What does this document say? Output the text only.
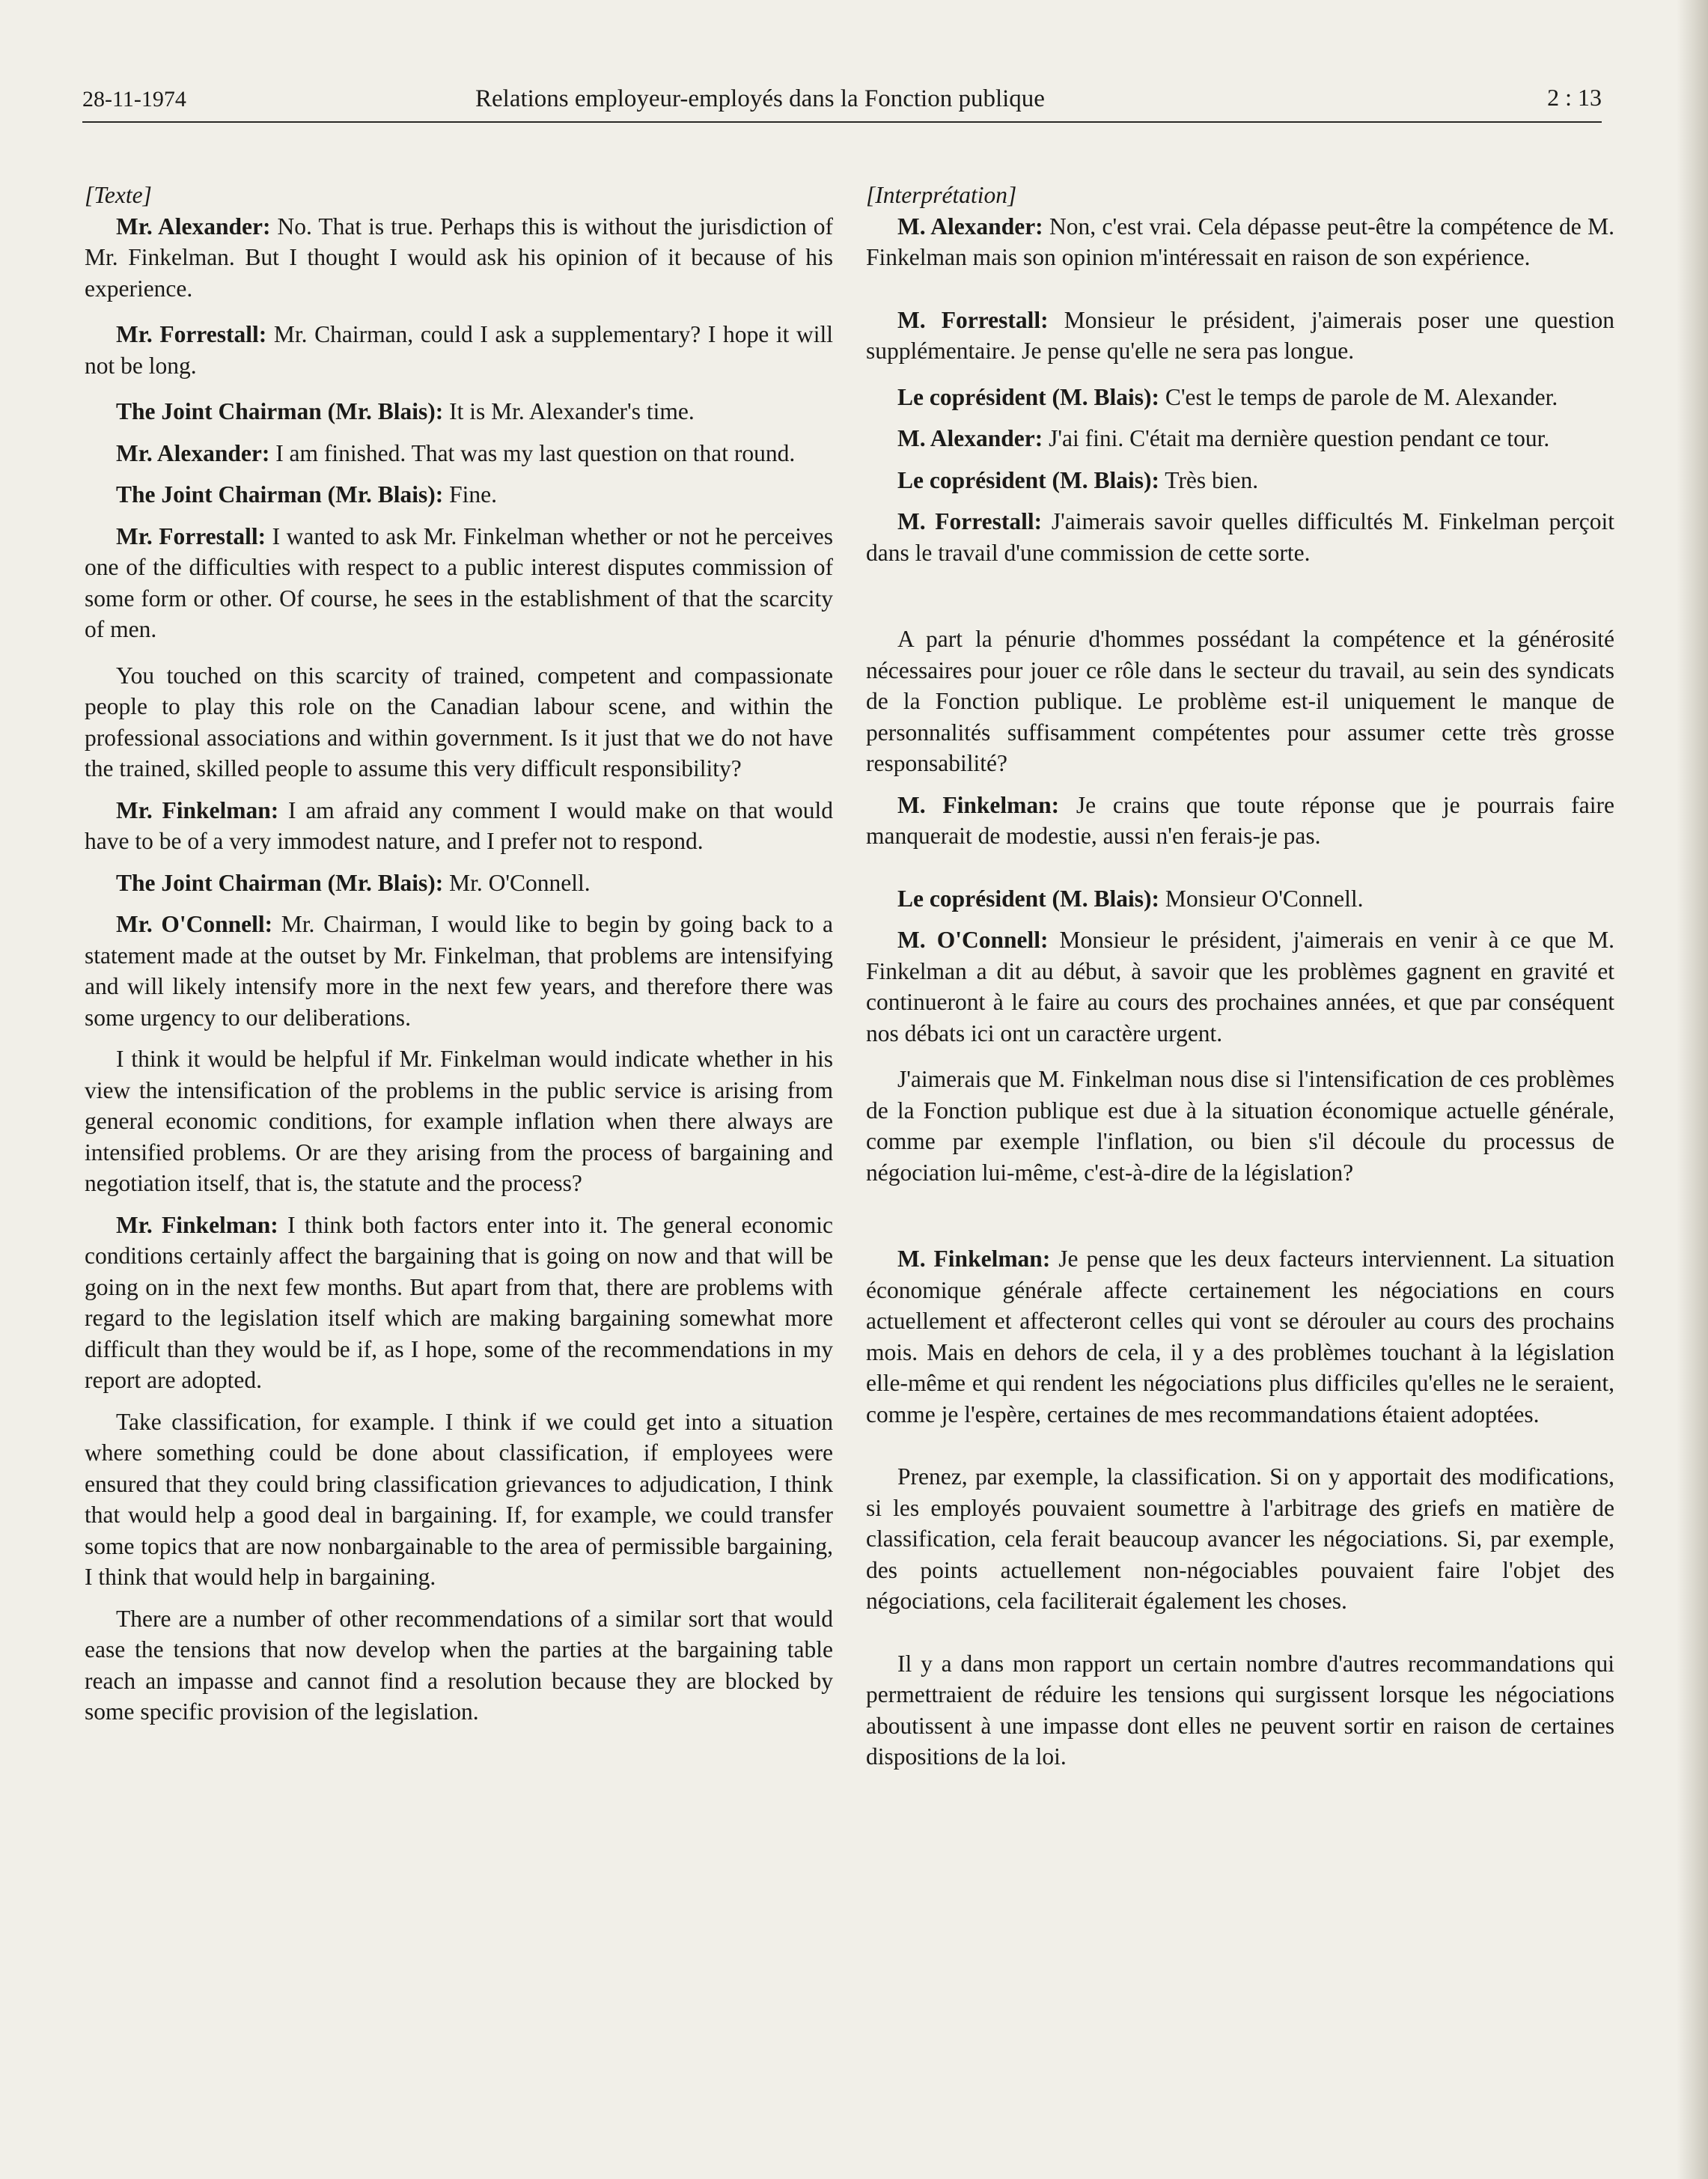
28-11-1974	Relations employeur-employés dans la Fonction publique	2 : 13

[Texte]

Mr. Alexander: No. That is true. Perhaps this is without the jurisdiction of Mr. Finkelman. But I thought I would ask his opinion of it because of his experience.

Mr. Forrestall: Mr. Chairman, could I ask a supplementary? I hope it will not be long.

The Joint Chairman (Mr. Blais): It is Mr. Alexander's time.

Mr. Alexander: I am finished. That was my last question on that round.

The Joint Chairman (Mr. Blais): Fine.

Mr. Forrestall: I wanted to ask Mr. Finkelman whether or not he perceives one of the difficulties with respect to a public interest disputes commission of some form or other. Of course, he sees in the establishment of that the scarcity of men.

You touched on this scarcity of trained, competent and compassionate people to play this role on the Canadian labour scene, and within the professional associations and within government. Is it just that we do not have the trained, skilled people to assume this very difficult responsibility?

Mr. Finkelman: I am afraid any comment I would make on that would have to be of a very immodest nature, and I prefer not to respond.

The Joint Chairman (Mr. Blais): Mr. O'Connell.

Mr. O'Connell: Mr. Chairman, I would like to begin by going back to a statement made at the outset by Mr. Finkelman, that problems are intensifying and will likely intensify more in the next few years, and therefore there was some urgency to our deliberations.

I think it would be helpful if Mr. Finkelman would indicate whether in his view the intensification of the problems in the public service is arising from general economic conditions, for example inflation when there always are intensified problems. Or are they arising from the process of bargaining and negotiation itself, that is, the statute and the process?

Mr. Finkelman: I think both factors enter into it. The general economic conditions certainly affect the bargaining that is going on now and that will be going on in the next few months. But apart from that, there are problems with regard to the legislation itself which are making bargaining somewhat more difficult than they would be if, as I hope, some of the recommendations in my report are adopted.

Take classification, for example. I think if we could get into a situation where something could be done about classification, if employees were ensured that they could bring classification grievances to adjudication, I think that would help a good deal in bargaining. If, for example, we could transfer some topics that are now nonbargainable to the area of permissible bargaining, I think that would help in bargaining.

There are a number of other recommendations of a similar sort that would ease the tensions that now develop when the parties at the bargaining table reach an impasse and cannot find a resolution because they are blocked by some specific provision of the legislation.

[Interprétation]

M. Alexander: Non, c'est vrai. Cela dépasse peut-être la compétence de M. Finkelman mais son opinion m'intéressait en raison de son expérience.

M. Forrestall: Monsieur le président, j'aimerais poser une question supplémentaire. Je pense qu'elle ne sera pas longue.

Le coprésident (M. Blais): C'est le temps de parole de M. Alexander.

M. Alexander: J'ai fini. C'était ma dernière question pendant ce tour.

Le coprésident (M. Blais): Très bien.

M. Forrestall: J'aimerais savoir quelles difficultés M. Finkelman perçoit dans le travail d'une commission de cette sorte.

A part la pénurie d'hommes possédant la compétence et la générosité nécessaires pour jouer ce rôle dans le secteur du travail, au sein des syndicats de la Fonction publique. Le problème est-il uniquement le manque de personnalités suffisamment compétentes pour assumer cette très grosse responsabilité?

M. Finkelman: Je crains que toute réponse que je pourrais faire manquerait de modestie, aussi n'en ferais-je pas.

Le coprésident (M. Blais): Monsieur O'Connell.

M. O'Connell: Monsieur le président, j'aimerais en venir à ce que M. Finkelman a dit au début, à savoir que les problèmes gagnent en gravité et continueront à le faire au cours des prochaines années, et que par conséquent nos débats ici ont un caractère urgent.

J'aimerais que M. Finkelman nous dise si l'intensification de ces problèmes de la Fonction publique est due à la situation économique actuelle générale, comme par exemple l'inflation, ou bien s'il découle du processus de négociation lui-même, c'est-à-dire de la législation?

M. Finkelman: Je pense que les deux facteurs interviennent. La situation économique générale affecte certainement les négociations en cours actuellement et affecteront celles qui vont se dérouler au cours des prochains mois. Mais en dehors de cela, il y a des problèmes touchant à la législation elle-même et qui rendent les négociations plus difficiles qu'elles ne le seraient, comme je l'espère, certaines de mes recommandations étaient adoptées.

Prenez, par exemple, la classification. Si on y apportait des modifications, si les employés pouvaient soumettre à l'arbitrage des griefs en matière de classification, cela ferait beaucoup avancer les négociations. Si, par exemple, des points actuellement non-négociables pouvaient faire l'objet des négociations, cela faciliterait également les choses.

Il y a dans mon rapport un certain nombre d'autres recommandations qui permettraient de réduire les tensions qui surgissent lorsque les négociations aboutissent à une impasse dont elles ne peuvent sortir en raison de certaines dispositions de la loi.
